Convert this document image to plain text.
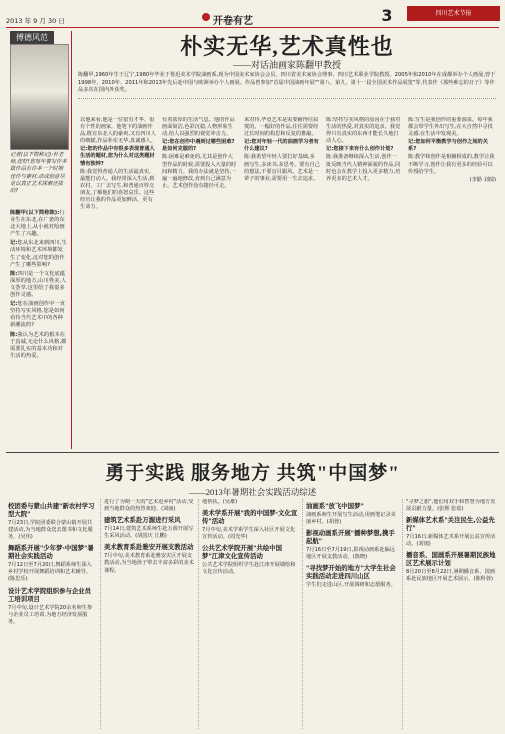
2013 年 9 月 30 日	开卷有艺	3	四川艺术节报
傅德风范
记者(以下简称记):朴老师,您好!您每年要写作多篇作品有许多一个时期佳作与素材,动成创意尽足以真正艺术探索还拔的?

陈翻甲(以下简称陈):行业生在东北,在广袤的东北大地上,从小就对绘画产生了兴趣。

记:您从东北来到四川,生活环境和艺术环境都发生了变化,这对您的创作产生了哪些影响?

陈:四川是一个文化底蕴深厚的地方,山川秀美,人文荟萃,这里给了我很多创作灵感。

记:您在油画创作中一直坚持写实风格,您是如何看待当代艺术中的各种新潮流的?

陈:我认为艺术的根本在于真诚,无论什么风格,都需要扎实的基本功和对生活的热爱。

朴实无华,艺术真性也
——对话油画家陈翻甲教授
陈翻甲,1960年生于辽宁,1980年毕业于鲁迅美术学院油画系,现为中国美术家协会会员、四川省美术家协会理事、四川艺术职业学院教授。2005年和2010年在成都举办个人画展,曾于1998年、2010年、2011年和2013年先后赴中国与欧洲举办个人画展。作品曾参加"首届中国油画年展""第八、第九、第十一届全国美术作品展览"等,代表作《那些难忘的日子》等作品多次在国内外获奖。

以他来看,他是一位很有才华、很有个性的画家。他笔下的油画作品,既有东北人的豪爽,又有四川人的细腻,作品朴实无华,真诚感人。

记:您的作品中有很多表现普通人生活的题材,您为什么对这类题材情有独钟?

陈:我觉得普通人的生活最真实,最能打动人。我经常深入生活,到农村、工厂去写生,和普通百姓交朋友,了解他们的喜怒哀乐。这些经历让我的作品更加鲜活、更有生命力。

有着浓厚的生活气息。他的作品画面简洁,色彩沉稳,人物形象生动,给人以强烈的视觉冲击力。

记:您在创作中遇到过哪些困难?是如何克服的?

陈:困难是难免的,尤其是创作大型作品的时候,需要投入大量的时间和精力。我的办法就是坚持,一遍一遍地修改,直到自己满意为止。艺术创作没有捷径可走。

来对待,毕竟艺术是需要耐得住寂寞的。一幅好的作品,往往需要经过长时间的构思和反复的推敲。

记:您对年轻一代的油画学习者有什么建议?

陈:我希望年轻人要打好基础,多画写生,多读书,多思考。要有自己的想法,不要盲目跟风。艺术是一辈子的事业,需要用一生去追求。

陈:坚持写实风格的原因在于我对生活的热爱,对真实的追求。我觉得只有真实的东西才能长久地打动人心。

记:您接下来有什么创作计划?

陈:我准备继续深入生活,创作一批反映当代人精神面貌的作品,同时也会在教学上投入更多精力,培养更多的艺术人才。

陈:写生是我创作的重要源泉。每年我都会带学生外出写生,在大自然中寻找灵感,在生活中发现美。

记:您如何平衡教学与创作之间的关系?

陈:教学和创作是相辅相成的,教学让我不断学习,创作让我有更多的经验可以传授给学生。

(李勤 刘瑞)

勇于实践 服务地方 共筑"中国梦"
——2013年暑期社会实践活动综述
校团委与蒙山共建"新农村学习型大院"

7月23日,学院团委联合蒙山镇开展共建活动,为当地群众送去图书和文化服务。(吴伟)

舞蹈系开展"少年梦·中国梦"暑期社会实践活动

7月12日至7月20日,舞蹈系师生深入乡村学校开展舞蹈培训和艺术辅导。(陈思乐)

设计艺术学院组织参与企业员工培训项目

7月中旬,设计艺术学院20余名师生参与企业员工培训,为地方经济发展服务。

进行了为期一天的"艺术进乡村"活动,受到当地群众的热烈欢迎。(刘丽)

建筑艺术系赴万源进行采风

7月14日,建筑艺术系师生赴万源开展写生采风活动。(胡国庆 江鹏)

美术教育系赴雅安开展支教活动

7月中旬,美术教育系赴雅安灾区开展支教活动,为当地孩子带去丰富多彩的美术课程。

地帮扶。(吴雄)

美术学系开展"我的中国梦·文化宣传"活动

7月中旬,美术学系学生深入社区开展文化宣传活动。(周光华)

公共艺术学院开展"共绘中国梦"江津文化宣传活动

公共艺术学院组织学生赴江津开展墙绘和文化宣传活动。

油画系"放飞中国梦"

油画系师生开展写生活动,用画笔记录美丽乡村。(胡蓉)

影视动画系开展"播种梦想,携手起航"

7月16日至7月19日,影视动画系赴偏远地区开展支教活动。(陈晓)

"寻找梦开始的地方"大学生社会实践活动走进四川山区

学生们走进山区,开展调研和志愿服务。

"寻梦之旅",他们用双手和智慧为地方发展贡献力量。(张熙 张瑶)

新媒体艺术系"关注民生,公益先行"

7月16日,新媒体艺术系开展公益宣传活动。(刘雨)

播音系、国画系开展暑期民族地区艺术展示计划

8月20日至8月22日,暑期播音系、国画系赴民族地区开展艺术展示。(陈科蓉)
